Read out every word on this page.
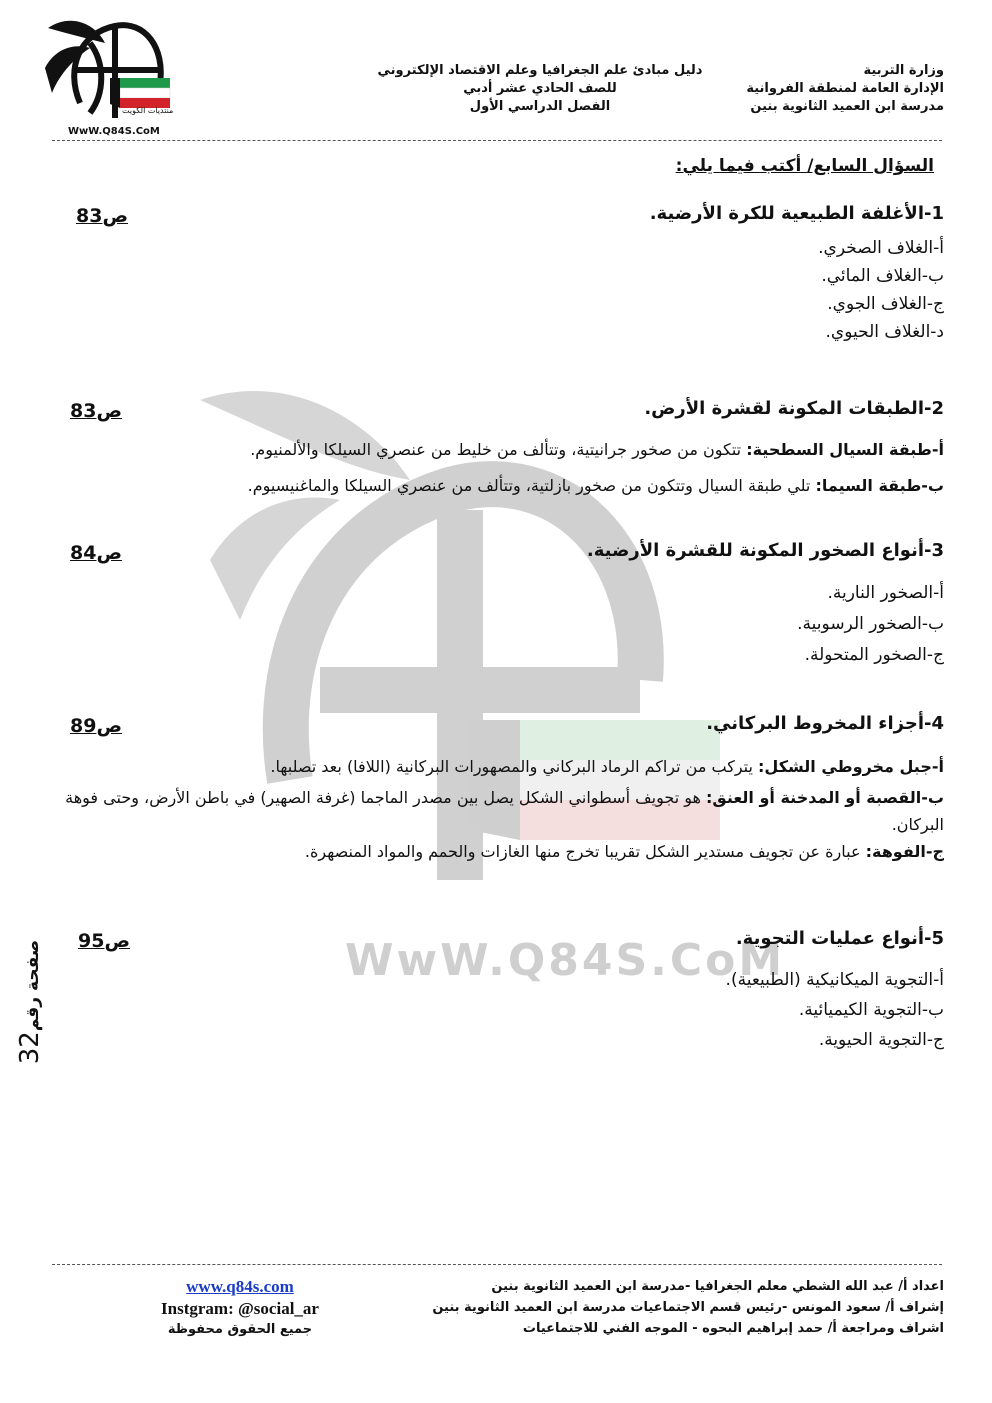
WwW.Q84S.CoM
منتديات الكويت
WwW.Q84S.CoM
وزارة التربية
الإدارة العامة لمنطقة الفروانية
مدرسة ابن العميد الثانوية بنين
دليل مبادئ علم الجغرافيا وعلم الاقتصاد الإلكتروني
للصف الحادي عشر أدبي
الفصل الدراسي الأول
السؤال السابع/ أكتب فيما يلي:
1-الأغلفة الطبيعية للكرة الأرضية.
ص83
أ-الغلاف الصخري.
ب-الغلاف المائي.
ج-الغلاف الجوي.
د-الغلاف الحيوي.
2-الطبقات المكونة لقشرة الأرض.
ص83
أ-طبقة السيال السطحية: تتكون من صخور جرانيتية، وتتألف من خليط من عنصري السيلكا والألمنيوم.
ب-طبقة السيما: تلي طبقة السيال وتتكون من صخور بازلتية، وتتألف من عنصري السيلكا والماغنيسيوم.
3-أنواع الصخور المكونة للقشرة الأرضية.
ص84
أ-الصخور النارية.
ب-الصخور الرسوبية.
ج-الصخور المتحولة.
4-أجزاء المخروط البركاني.
ص89
أ-جبل مخروطي الشكل: يتركب من تراكم الرماد البركاني والمصهورات البركانية (اللافا) بعد تصلبها.
ب-القصبة أو المدخنة أو العنق: هو تجويف أسطواني الشكل يصل بين مصدر الماجما (غرفة الصهير) في باطن الأرض، وحتى فوهة البركان.
ج-الفوهة: عبارة عن تجويف مستدير الشكل تقريبا تخرج منها الغازات والحمم والمواد المنصهرة.
5-أنواع عمليات التجوية.
ص95
أ-التجوية الميكانيكية (الطبيعية).
ب-التجوية الكيميائية.
ج-التجوية الحيوية.
صفحة رقم32
اعداد أ/ عبد الله الشطي معلم الجغرافيا -مدرسة ابن العميد الثانوية بنين
إشراف أ/ سعود المونس -رئيس قسم الاجتماعيات مدرسة ابن العميد الثانوية بنين
اشراف ومراجعة أ/ حمد إبراهيم البحوه - الموجه الفني للاجتماعيات
www.q84s.com
Instgram: @social_ar
جميع الحقوق محفوظة
